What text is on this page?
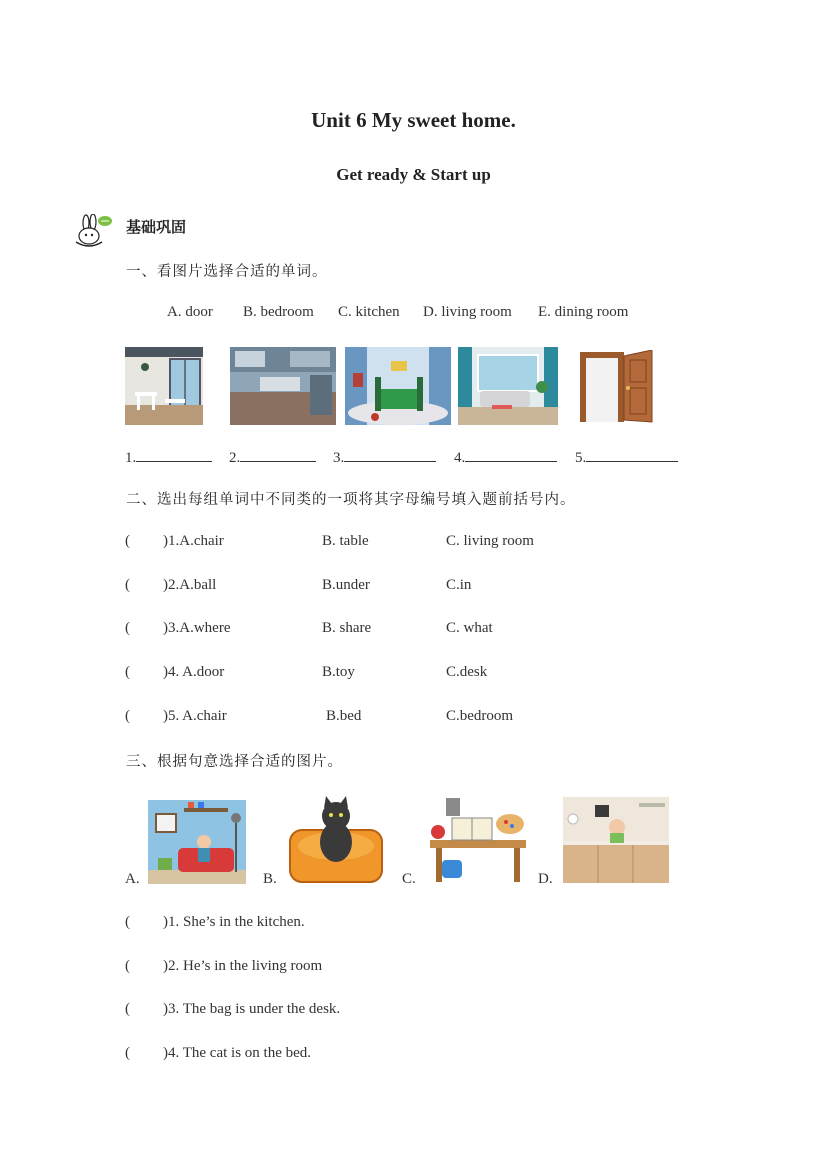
Unit 6 My sweet home.
Get ready & Start up
基础巩固
一、看图片选择合适的单词。
A. door B. bedroom C. kitchen D. living room E. dining room
1.	2.	3.	4.	5.
二、选出每组单词中不同类的一项将其字母编号填入题前括号内。
( )1.A.chair	B. table	C. living room
( )2.A.ball	B.under	C.in
( )3.A.where	B. share	C. what
( )4. A.door	B.toy	C.desk
( )5. A.chair	B.bed	C.bedroom
三、根据句意选择合适的图片。
A.	B.	C.	D.
( )1. She’s in the kitchen.
( )2. He’s in the living room
( )3. The bag is under the desk.
( )4. The cat is on the bed.
